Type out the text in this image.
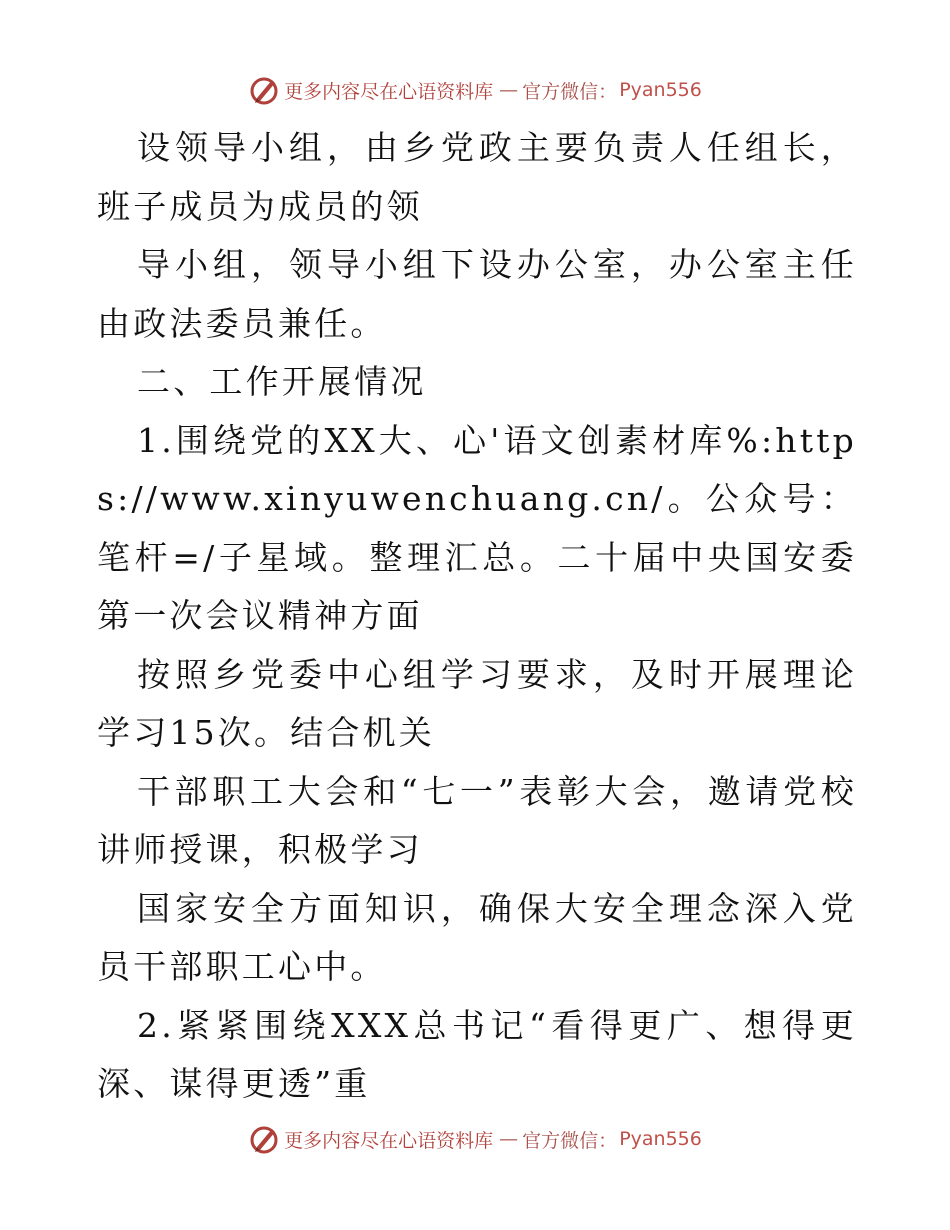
更多内容尽在心语资料库 — 官方微信： Pyan556

设领导小组，由乡党政主要负责人任组长，班子成员为成员的领

导小组，领导小组下设办公室，办公室主任由政法委员兼任。

二、工作开展情况

1.围绕党的XX大、心'语文创素材库%:https://www.xinyuwenchuang.cn/。公众号：笔杆=/子星域。整理汇总。二十届中央国安委第一次会议精神方面

按照乡党委中心组学习要求，及时开展理论学习15次。结合机关

干部职工大会和“七一”表彰大会，邀请党校讲师授课，积极学习

国家安全方面知识，确保大安全理念深入党员干部职工心中。

2.紧紧围绕XXX总书记“看得更广、想得更深、谋得更透”重

更多内容尽在心语资料库 — 官方微信： Pyan556
